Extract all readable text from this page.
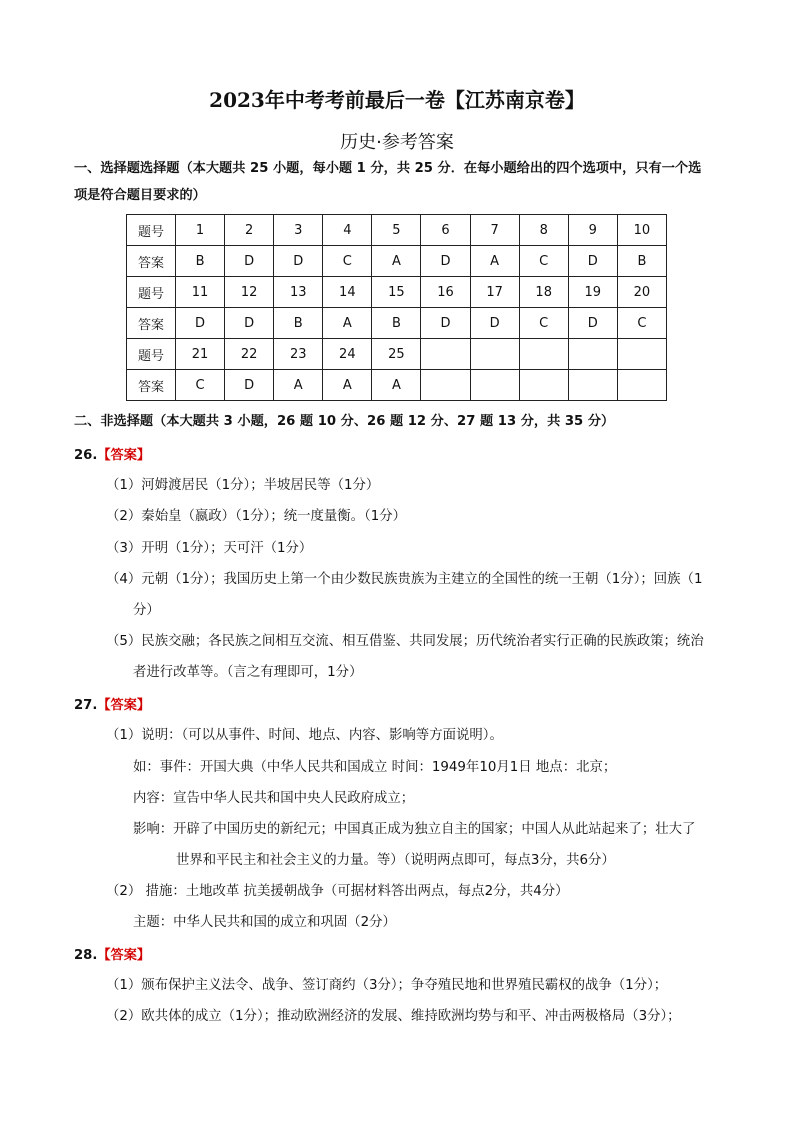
2023年中考考前最后一卷【江苏南京卷】
历史·参考答案
一、选择题选择题（本大题共 25 小题，每小题 1 分，共 25 分．在每小题给出的四个选项中，只有一个选
项是符合题目要求的）
题号	1	2	3	4	5	6	7	8	9	10
答案	B	D	D	C	A	D	A	C	D	B
题号	11	12	13	14	15	16	17	18	19	20
答案	D	D	B	A	B	D	D	C	D	C
题号	21	22	23	24	25					
答案	C	D	A	A	A					
二、非选择题（本大题共 3 小题，26 题 10 分、26 题 12 分、27 题 13 分，共 35 分）
26.【答案】
（1）河姆渡居民（1分）；半坡居民等（1分）
（2）秦始皇（嬴政）（1分）；统一度量衡。（1分）
（3）开明（1分）；天可汗（1分）
（4）元朝（1分）；我国历史上第一个由少数民族贵族为主建立的全国性的统一王朝（1分）；回族（1
分）
（5）民族交融；各民族之间相互交流、相互借鉴、共同发展；历代统治者实行正确的民族政策；统治
者进行改革等。（言之有理即可，1分）
27.【答案】
（1）说明：（可以从事件、时间、地点、内容、影响等方面说明）。
如：事件：开国大典（中华人民共和国成立 时间：1949年10月1日 地点：北京；
内容：宣告中华人民共和国中央人民政府成立；
影响：开辟了中国历史的新纪元；中国真正成为独立自主的国家；中国人从此站起来了；壮大了
世界和平民主和社会主义的力量。等）（说明两点即可，每点3分，共6分）
（2） 措施：土地改革 抗美援朝战争（可据材料答出两点，每点2分，共4分）
主题：中华人民共和国的成立和巩固（2分）
28.【答案】
（1）颁布保护主义法令、战争、签订商约（3分）；争夺殖民地和世界殖民霸权的战争（1分）；
（2）欧共体的成立（1分）；推动欧洲经济的发展、维持欧洲均势与和平、冲击两极格局（3分）；
